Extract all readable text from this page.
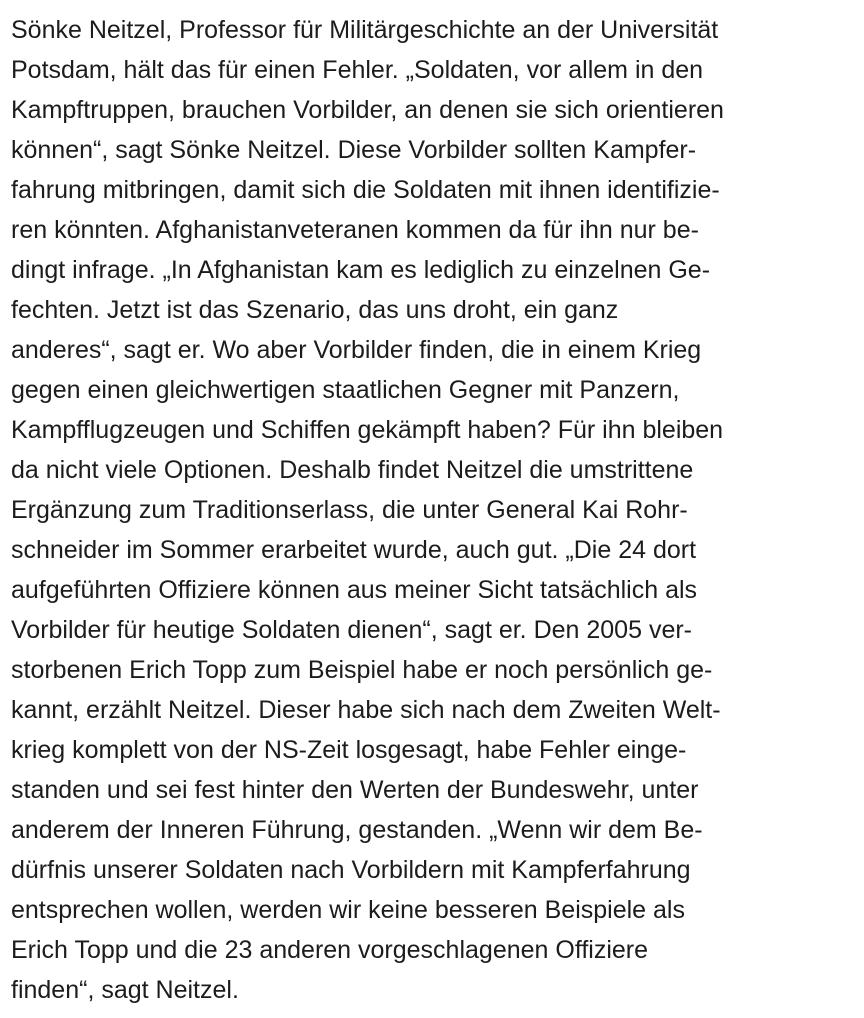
Sönke Neitzel, Professor für Militärgeschichte an der Universität
Potsdam, hält das für einen Fehler. „Soldaten, vor allem in den
Kampftruppen, brauchen Vorbilder, an denen sie sich orientieren
können“, sagt Sönke Neitzel. Diese Vorbilder sollten Kampfer-
fahrung mitbringen, damit sich die Soldaten mit ihnen identifizie-
ren könnten. Afghanistanveteranen kommen da für ihn nur be-
dingt infrage. „In Afghanistan kam es lediglich zu einzelnen Ge-
fechten. Jetzt ist das Szenario, das uns droht, ein ganz
anderes“, sagt er. Wo aber Vorbilder finden, die in einem Krieg
gegen einen gleichwertigen staatlichen Gegner mit Panzern,
Kampfflugzeugen und Schiffen gekämpft haben? Für ihn bleiben
da nicht viele Optionen. Deshalb findet Neitzel die umstrittene
Ergänzung zum Traditionserlass, die unter General Kai Rohr-
schneider im Sommer erarbeitet wurde, auch gut. „Die 24 dort
aufgeführten Offiziere können aus meiner Sicht tatsächlich als
Vorbilder für heutige Soldaten dienen“, sagt er. Den 2005 ver-
storbenen Erich Topp zum Beispiel habe er noch persönlich ge-
kannt, erzählt Neitzel. Dieser habe sich nach dem Zweiten Welt-
krieg komplett von der NS-Zeit losgesagt, habe Fehler einge-
standen und sei fest hinter den Werten der Bundeswehr, unter
anderem der Inneren Führung, gestanden. „Wenn wir dem Be-
dürfnis unserer Soldaten nach Vorbildern mit Kampferfahrung
entsprechen wollen, werden wir keine besseren Beispiele als
Erich Topp und die 23 anderen vorgeschlagenen Offiziere
finden“, sagt Neitzel.
